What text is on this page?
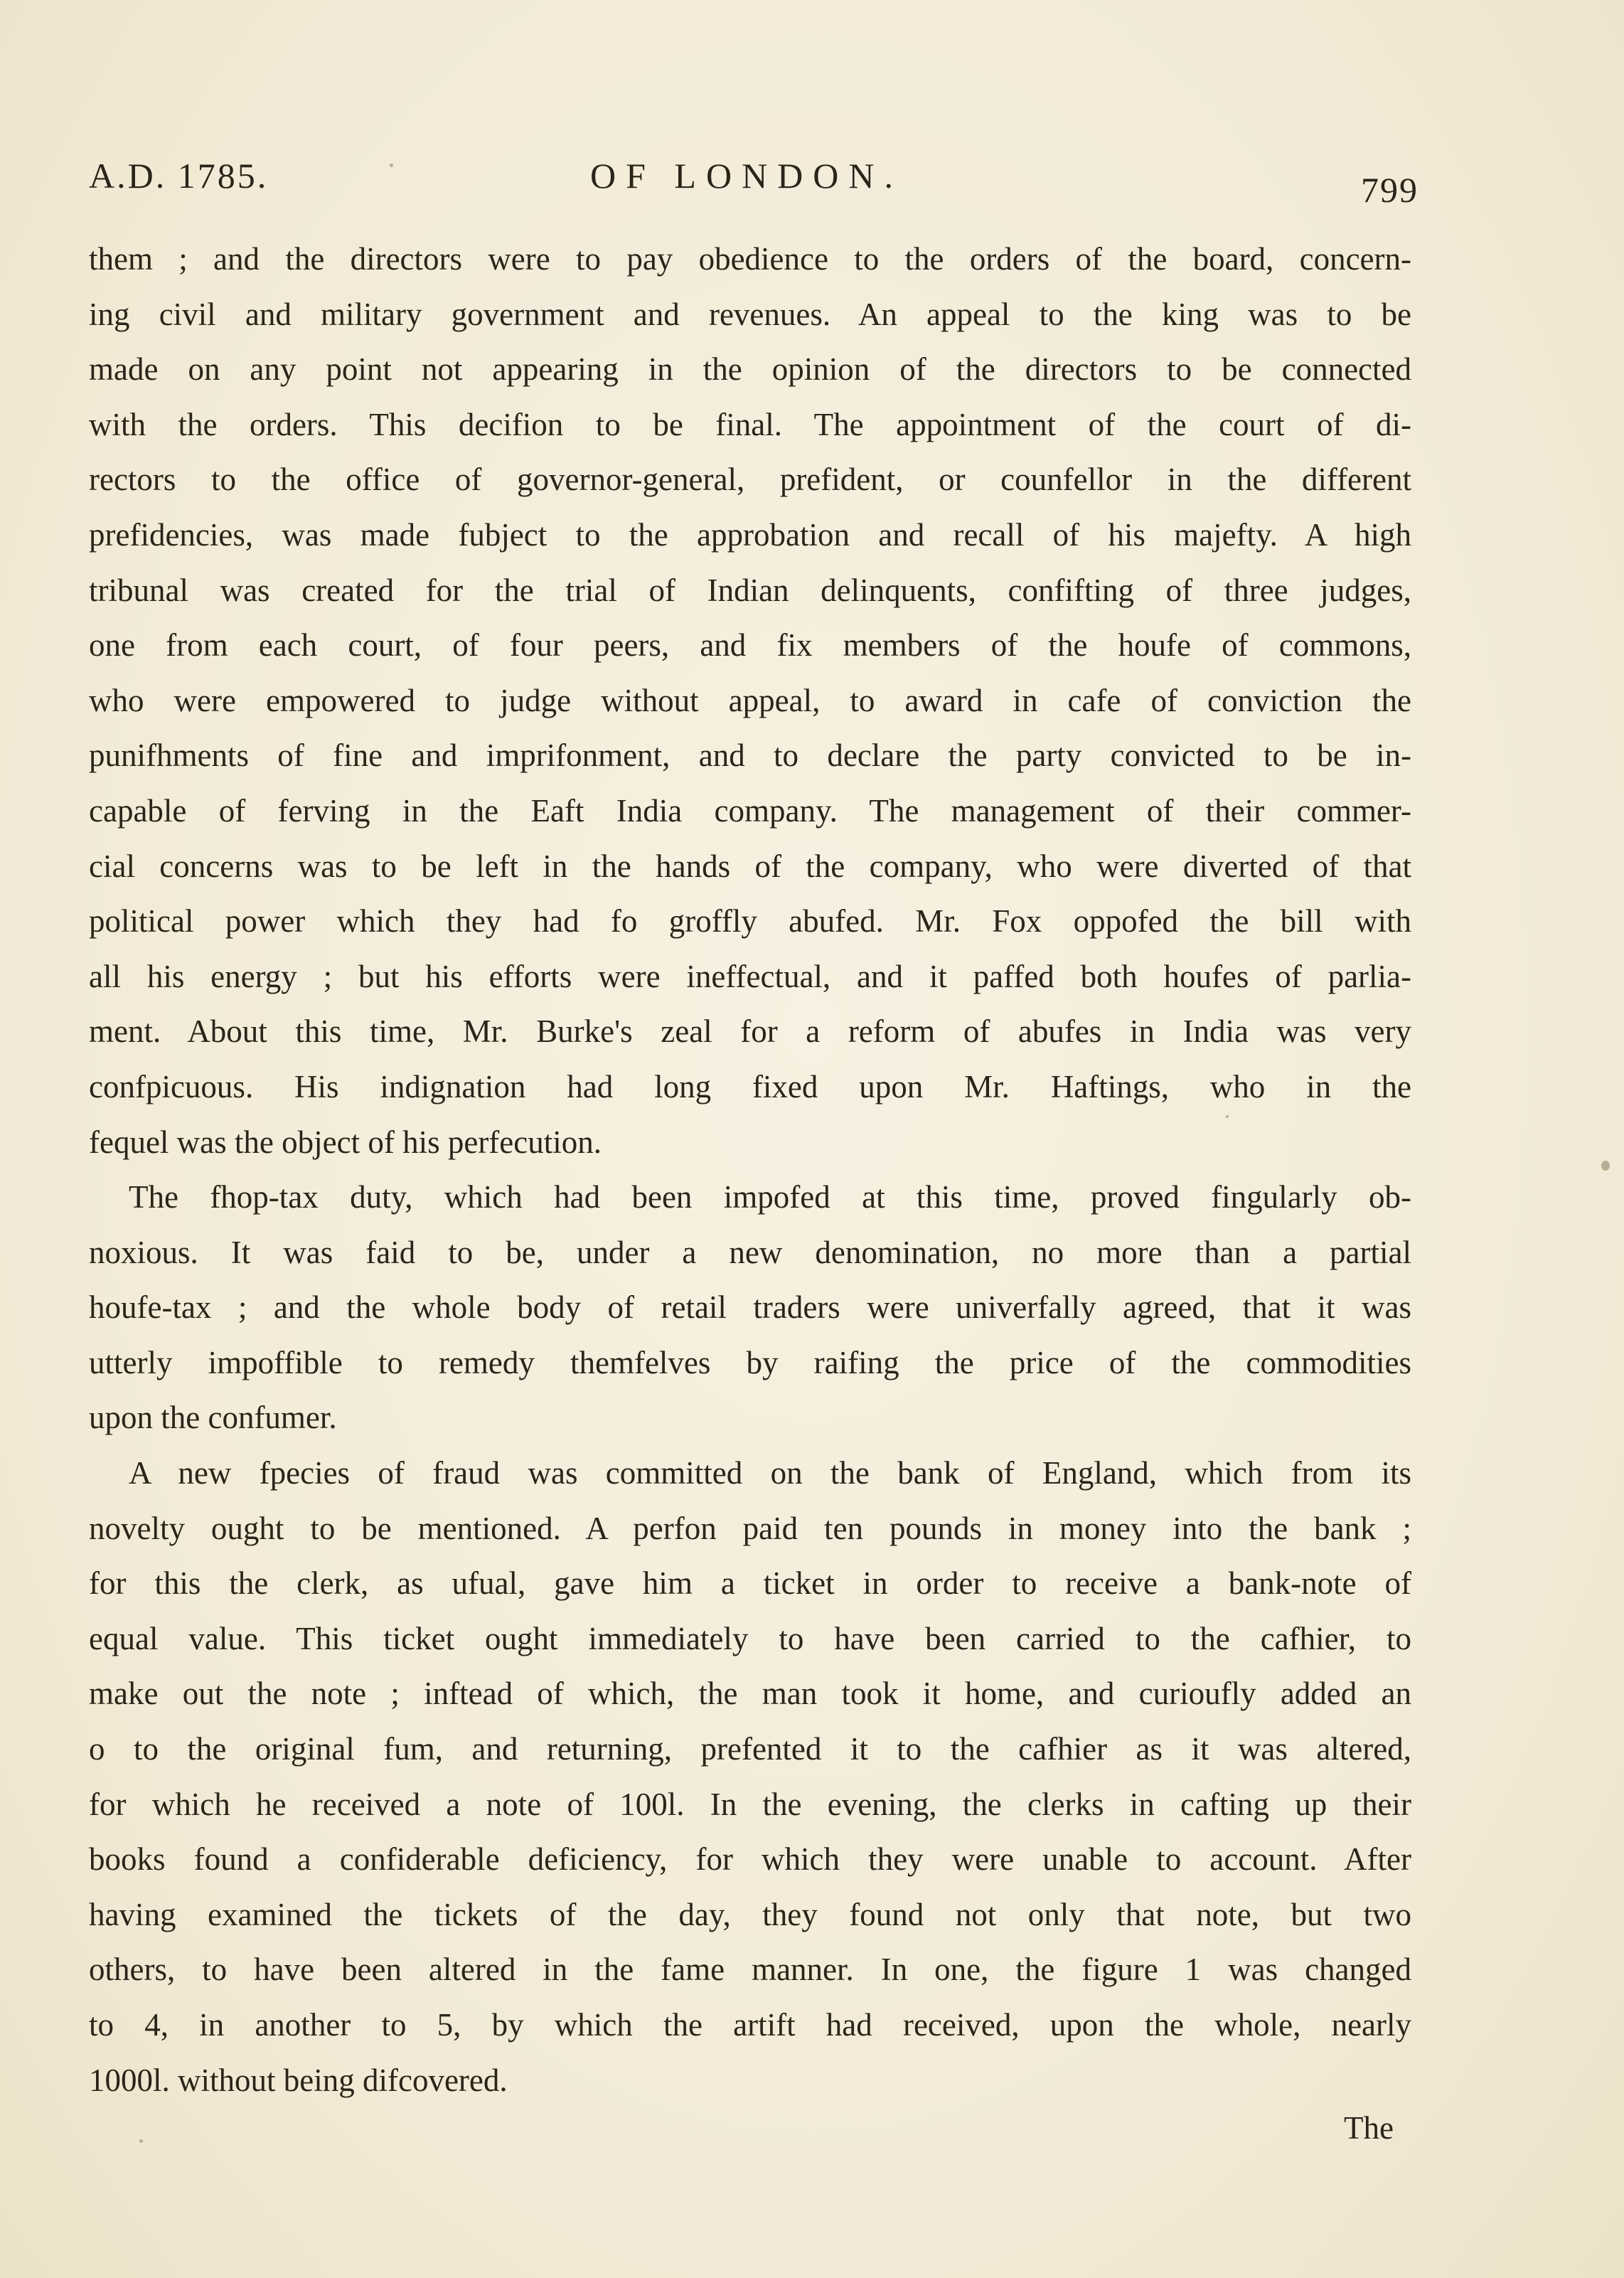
A.D. 1785.	OF LONDON.	799
them ; and the directors were to pay obedience to the orders of the board, concern-
ing civil and military government and revenues. An appeal to the king was to be
made on any point not appearing in the opinion of the directors to be connected
with the orders. This decifion to be final. The appointment of the court of di-
rectors to the office of governor-general, prefident, or counfellor in the different
prefidencies, was made fubject to the approbation and recall of his majefty. A high
tribunal was created for the trial of Indian delinquents, confifting of three judges,
one from each court, of four peers, and fix members of the houfe of commons,
who were empowered to judge without appeal, to award in cafe of conviction the
punifhments of fine and imprifonment, and to declare the party convicted to be in-
capable of ferving in the Eaft India company. The management of their commer-
cial concerns was to be left in the hands of the company, who were diverted of that
political power which they had fo groffly abufed. Mr. Fox oppofed the bill with
all his energy ; but his efforts were ineffectual, and it paffed both houfes of parlia-
ment. About this time, Mr. Burke's zeal for a reform of abufes in India was very
confpicuous. His indignation had long fixed upon Mr. Haftings, who in the
fequel was the object of his perfecution.
The fhop-tax duty, which had been impofed at this time, proved fingularly ob-
noxious. It was faid to be, under a new denomination, no more than a partial
houfe-tax ; and the whole body of retail traders were univerfally agreed, that it was
utterly impoffible to remedy themfelves by raifing the price of the commodities
upon the confumer.
A new fpecies of fraud was committed on the bank of England, which from its
novelty ought to be mentioned. A perfon paid ten pounds in money into the bank ;
for this the clerk, as ufual, gave him a ticket in order to receive a bank-note of
equal value. This ticket ought immediately to have been carried to the cafhier, to
make out the note ; inftead of which, the man took it home, and curioufly added an
o to the original fum, and returning, prefented it to the cafhier as it was altered,
for which he received a note of 100l. In the evening, the clerks in cafting up their
books found a confiderable deficiency, for which they were unable to account. After
having examined the tickets of the day, they found not only that note, but two
others, to have been altered in the fame manner. In one, the figure 1 was changed
to 4, in another to 5, by which the artift had received, upon the whole, nearly
1000l. without being difcovered.
The
